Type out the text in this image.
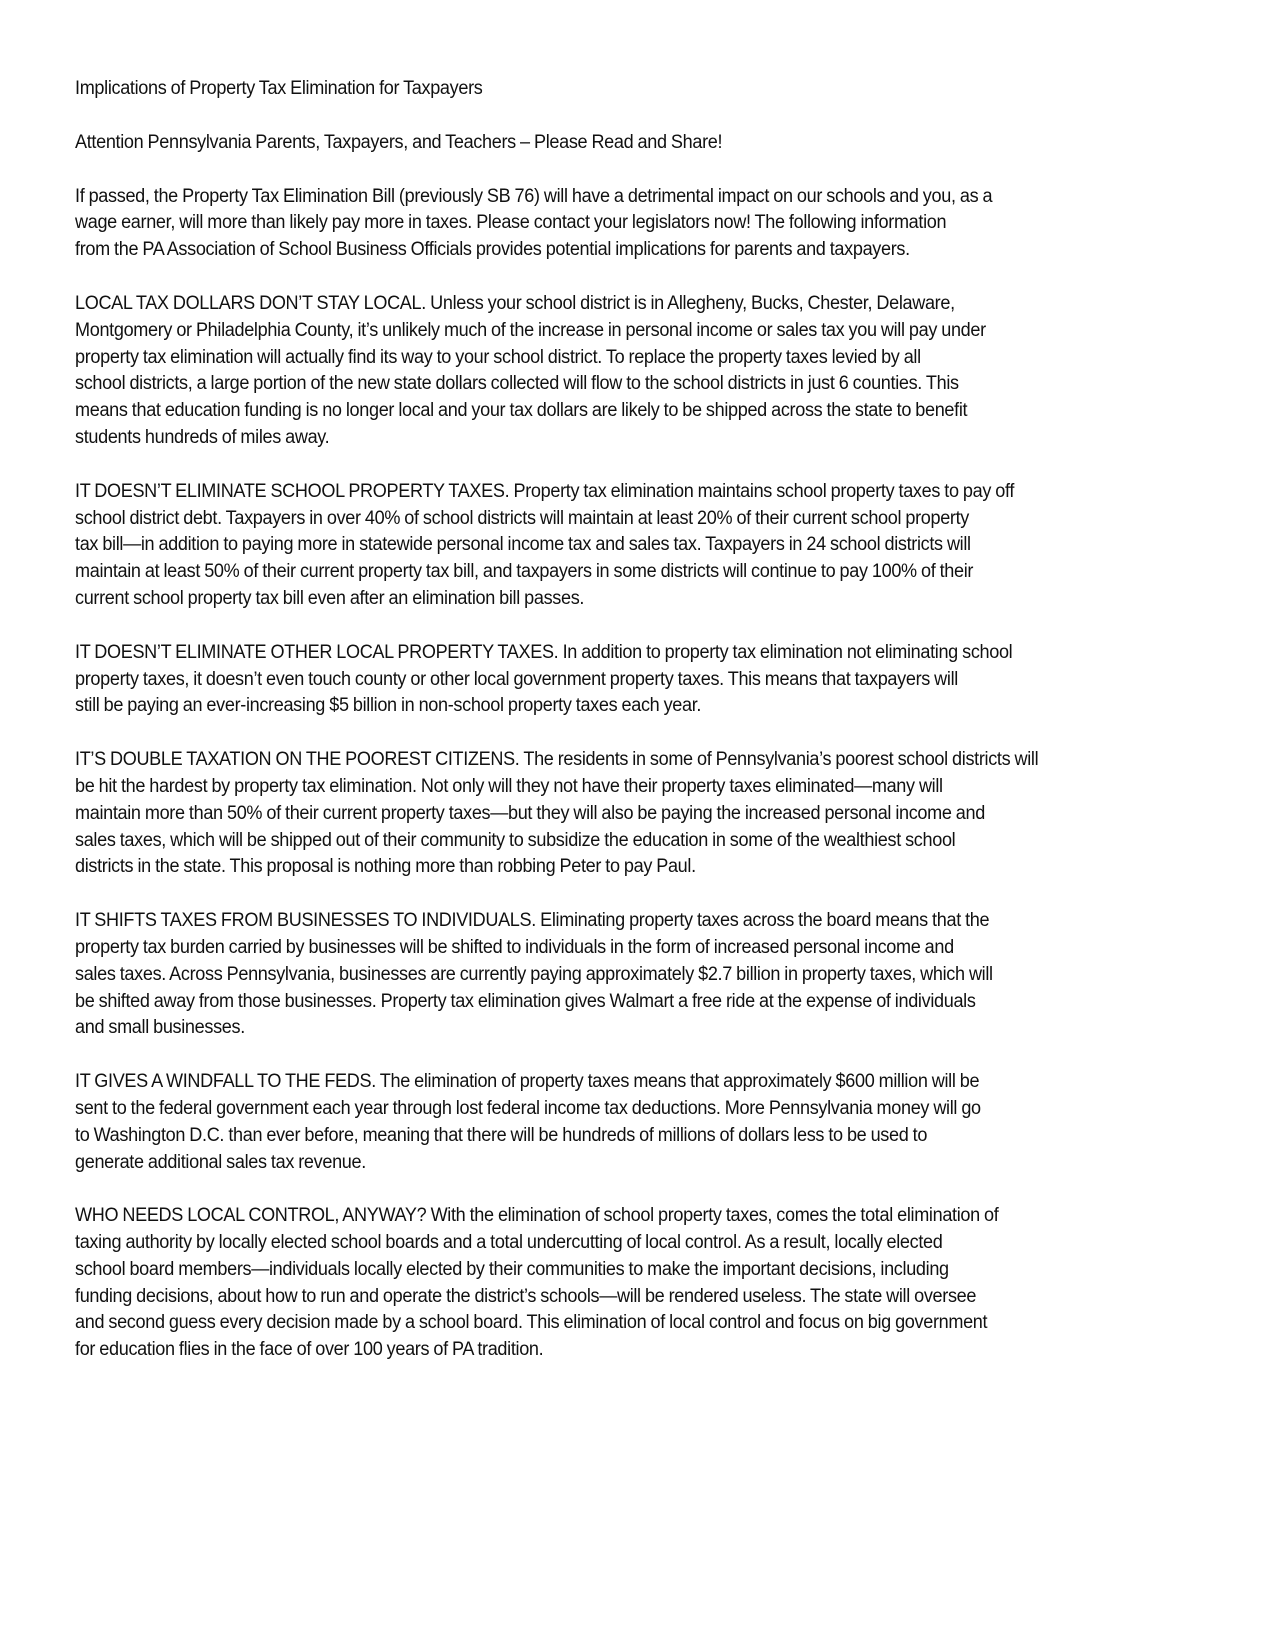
Implications of Property Tax Elimination for Taxpayers
Attention Pennsylvania Parents, Taxpayers, and Teachers – Please Read and Share!
If passed, the Property Tax Elimination Bill (previously SB 76) will have a detrimental impact on our schools and you, as a
wage earner, will more than likely pay more in taxes. Please contact your legislators now! The following information
from the PA Association of School Business Officials provides potential implications for parents and taxpayers.
LOCAL TAX DOLLARS DON’T STAY LOCAL. Unless your school district is in Allegheny, Bucks, Chester, Delaware,
Montgomery or Philadelphia County, it’s unlikely much of the increase in personal income or sales tax you will pay under
property tax elimination will actually find its way to your school district. To replace the property taxes levied by all
school districts, a large portion of the new state dollars collected will flow to the school districts in just 6 counties. This
means that education funding is no longer local and your tax dollars are likely to be shipped across the state to benefit
students hundreds of miles away.
IT DOESN’T ELIMINATE SCHOOL PROPERTY TAXES. Property tax elimination maintains school property taxes to pay off
school district debt. Taxpayers in over 40% of school districts will maintain at least 20% of their current school property
tax bill—in addition to paying more in statewide personal income tax and sales tax. Taxpayers in 24 school districts will
maintain at least 50% of their current property tax bill, and taxpayers in some districts will continue to pay 100% of their
current school property tax bill even after an elimination bill passes.
IT DOESN’T ELIMINATE OTHER LOCAL PROPERTY TAXES. In addition to property tax elimination not eliminating school
property taxes, it doesn’t even touch county or other local government property taxes. This means that taxpayers will
still be paying an ever-increasing $5 billion in non-school property taxes each year.
IT’S DOUBLE TAXATION ON THE POOREST CITIZENS. The residents in some of Pennsylvania’s poorest school districts will
be hit the hardest by property tax elimination. Not only will they not have their property taxes eliminated—many will
maintain more than 50% of their current property taxes—but they will also be paying the increased personal income and
sales taxes, which will be shipped out of their community to subsidize the education in some of the wealthiest school
districts in the state. This proposal is nothing more than robbing Peter to pay Paul.
IT SHIFTS TAXES FROM BUSINESSES TO INDIVIDUALS. Eliminating property taxes across the board means that the
property tax burden carried by businesses will be shifted to individuals in the form of increased personal income and
sales taxes. Across Pennsylvania, businesses are currently paying approximately $2.7 billion in property taxes, which will
be shifted away from those businesses. Property tax elimination gives Walmart a free ride at the expense of individuals
and small businesses.
IT GIVES A WINDFALL TO THE FEDS. The elimination of property taxes means that approximately $600 million will be
sent to the federal government each year through lost federal income tax deductions. More Pennsylvania money will go
to Washington D.C. than ever before, meaning that there will be hundreds of millions of dollars less to be used to
generate additional sales tax revenue.
WHO NEEDS LOCAL CONTROL, ANYWAY? With the elimination of school property taxes, comes the total elimination of
taxing authority by locally elected school boards and a total undercutting of local control. As a result, locally elected
school board members—individuals locally elected by their communities to make the important decisions, including
funding decisions, about how to run and operate the district’s schools—will be rendered useless. The state will oversee
and second guess every decision made by a school board. This elimination of local control and focus on big government
for education flies in the face of over 100 years of PA tradition.
